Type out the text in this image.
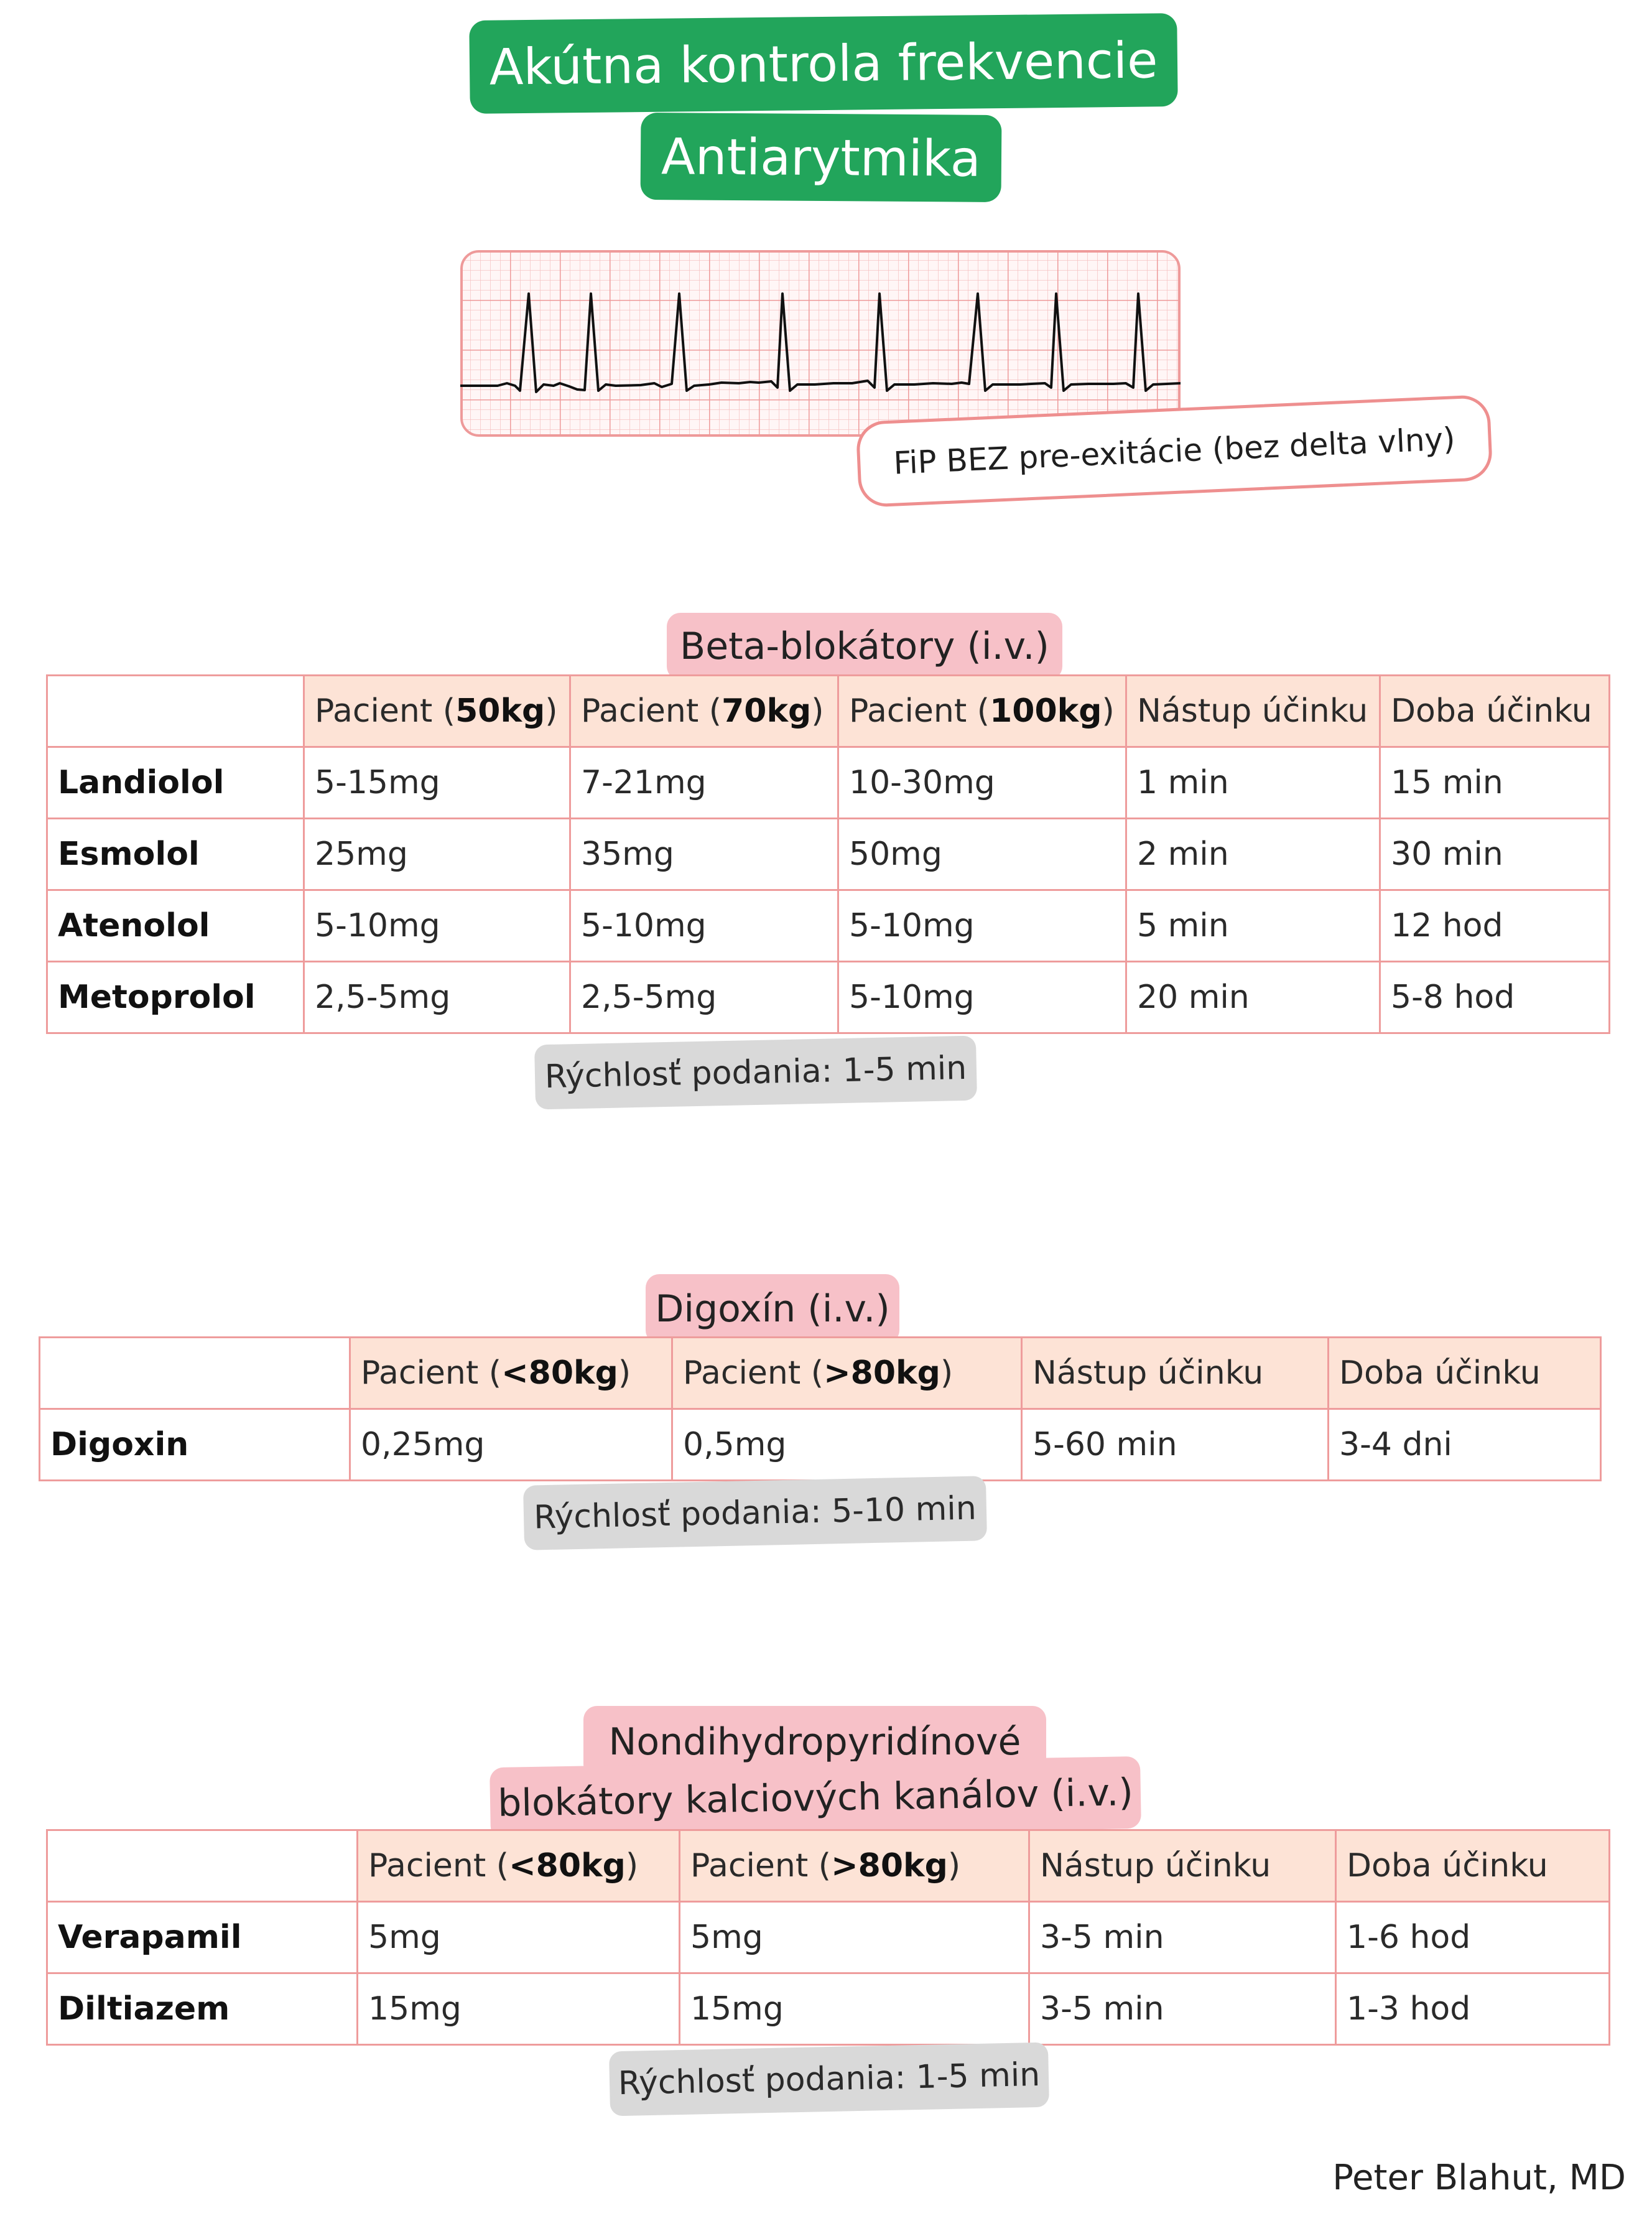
Akútna kontrola frekvencie
Antiarytmika
FiP BEZ pre-exitácie (bez delta vlny)
Beta-blokátory (i.v.)
	Pacient (50kg)	Pacient (70kg)	Pacient (100kg)	Nástup účinku	Doba účinku
Landiolol	5-15mg	7-21mg	10-30mg	1 min	15 min
Esmolol	25mg	35mg	50mg	2 min	30 min
Atenolol	5-10mg	5-10mg	5-10mg	5 min	12 hod
Metoprolol	2,5-5mg	2,5-5mg	5-10mg	20 min	5-8 hod
Rýchlosť podania: 1-5 min
Digoxín (i.v.)
	Pacient (<80kg)	Pacient (>80kg)	Nástup účinku	Doba účinku
Digoxin	0,25mg	0,5mg	5-60 min	3-4 dni
Rýchlosť podania: 5-10 min
Nondihydropyridínové
blokátory kalciových kanálov (i.v.)
	Pacient (<80kg)	Pacient (>80kg)	Nástup účinku	Doba účinku
Verapamil	5mg	5mg	3-5 min	1-6 hod
Diltiazem	15mg	15mg	3-5 min	1-3 hod
Rýchlosť podania: 1-5 min
Peter Blahut, MD
